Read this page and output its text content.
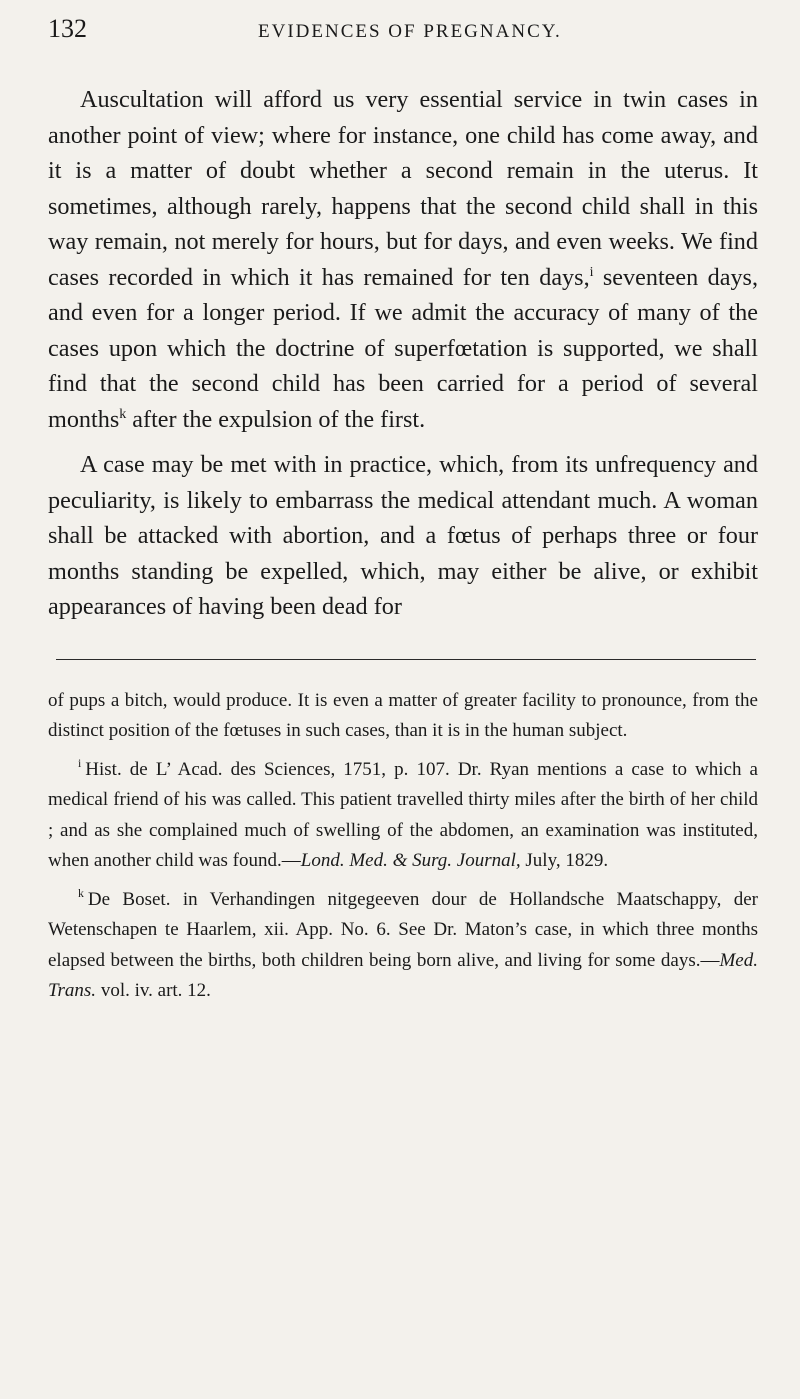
132	EVIDENCES OF PREGNANCY.

Auscultation will afford us very essential service in twin cases in another point of view; where for instance, one child has come away, and it is a matter of doubt whether a second remain in the uterus. It sometimes, although rarely, happens that the second child shall in this way remain, not merely for hours, but for days, and even weeks. We find cases recorded in which it has remained for ten days,$^i$ seventeen days, and even for a longer period. If we admit the accuracy of many of the cases upon which the doctrine of superfœtation is supported, we shall find that the second child has been carried for a period of several months$^k$ after the expulsion of the first.

A case may be met with in practice, which, from its unfrequency and peculiarity, is likely to embarrass the medical attendant much. A woman shall be attacked with abortion, and a fœtus of perhaps three or four months standing be expelled, which, may either be alive, or exhibit appearances of having been dead for

of pups a bitch, would produce. It is even a matter of greater facility to pronounce, from the distinct position of the fœtuses in such cases, than it is in the human subject.

$^i$ Hist. de L’ Acad. des Sciences, 1751, p. 107. Dr. Ryan mentions a case to which a medical friend of his was called. This patient travelled thirty miles after the birth of her child ; and as she complained much of swelling of the abdomen, an examination was instituted, when another child was found.—Lond. Med. & Surg. Journal, July, 1829.

$^k$ De Boset. in Verhandingen nitgegeeven dour de Hollandsche Maatschappy, der Wetenschapen te Haarlem, xii. App. No. 6. See Dr. Maton’s case, in which three months elapsed between the births, both children being born alive, and living for some days.—Med. Trans. vol. iv. art. 12.
